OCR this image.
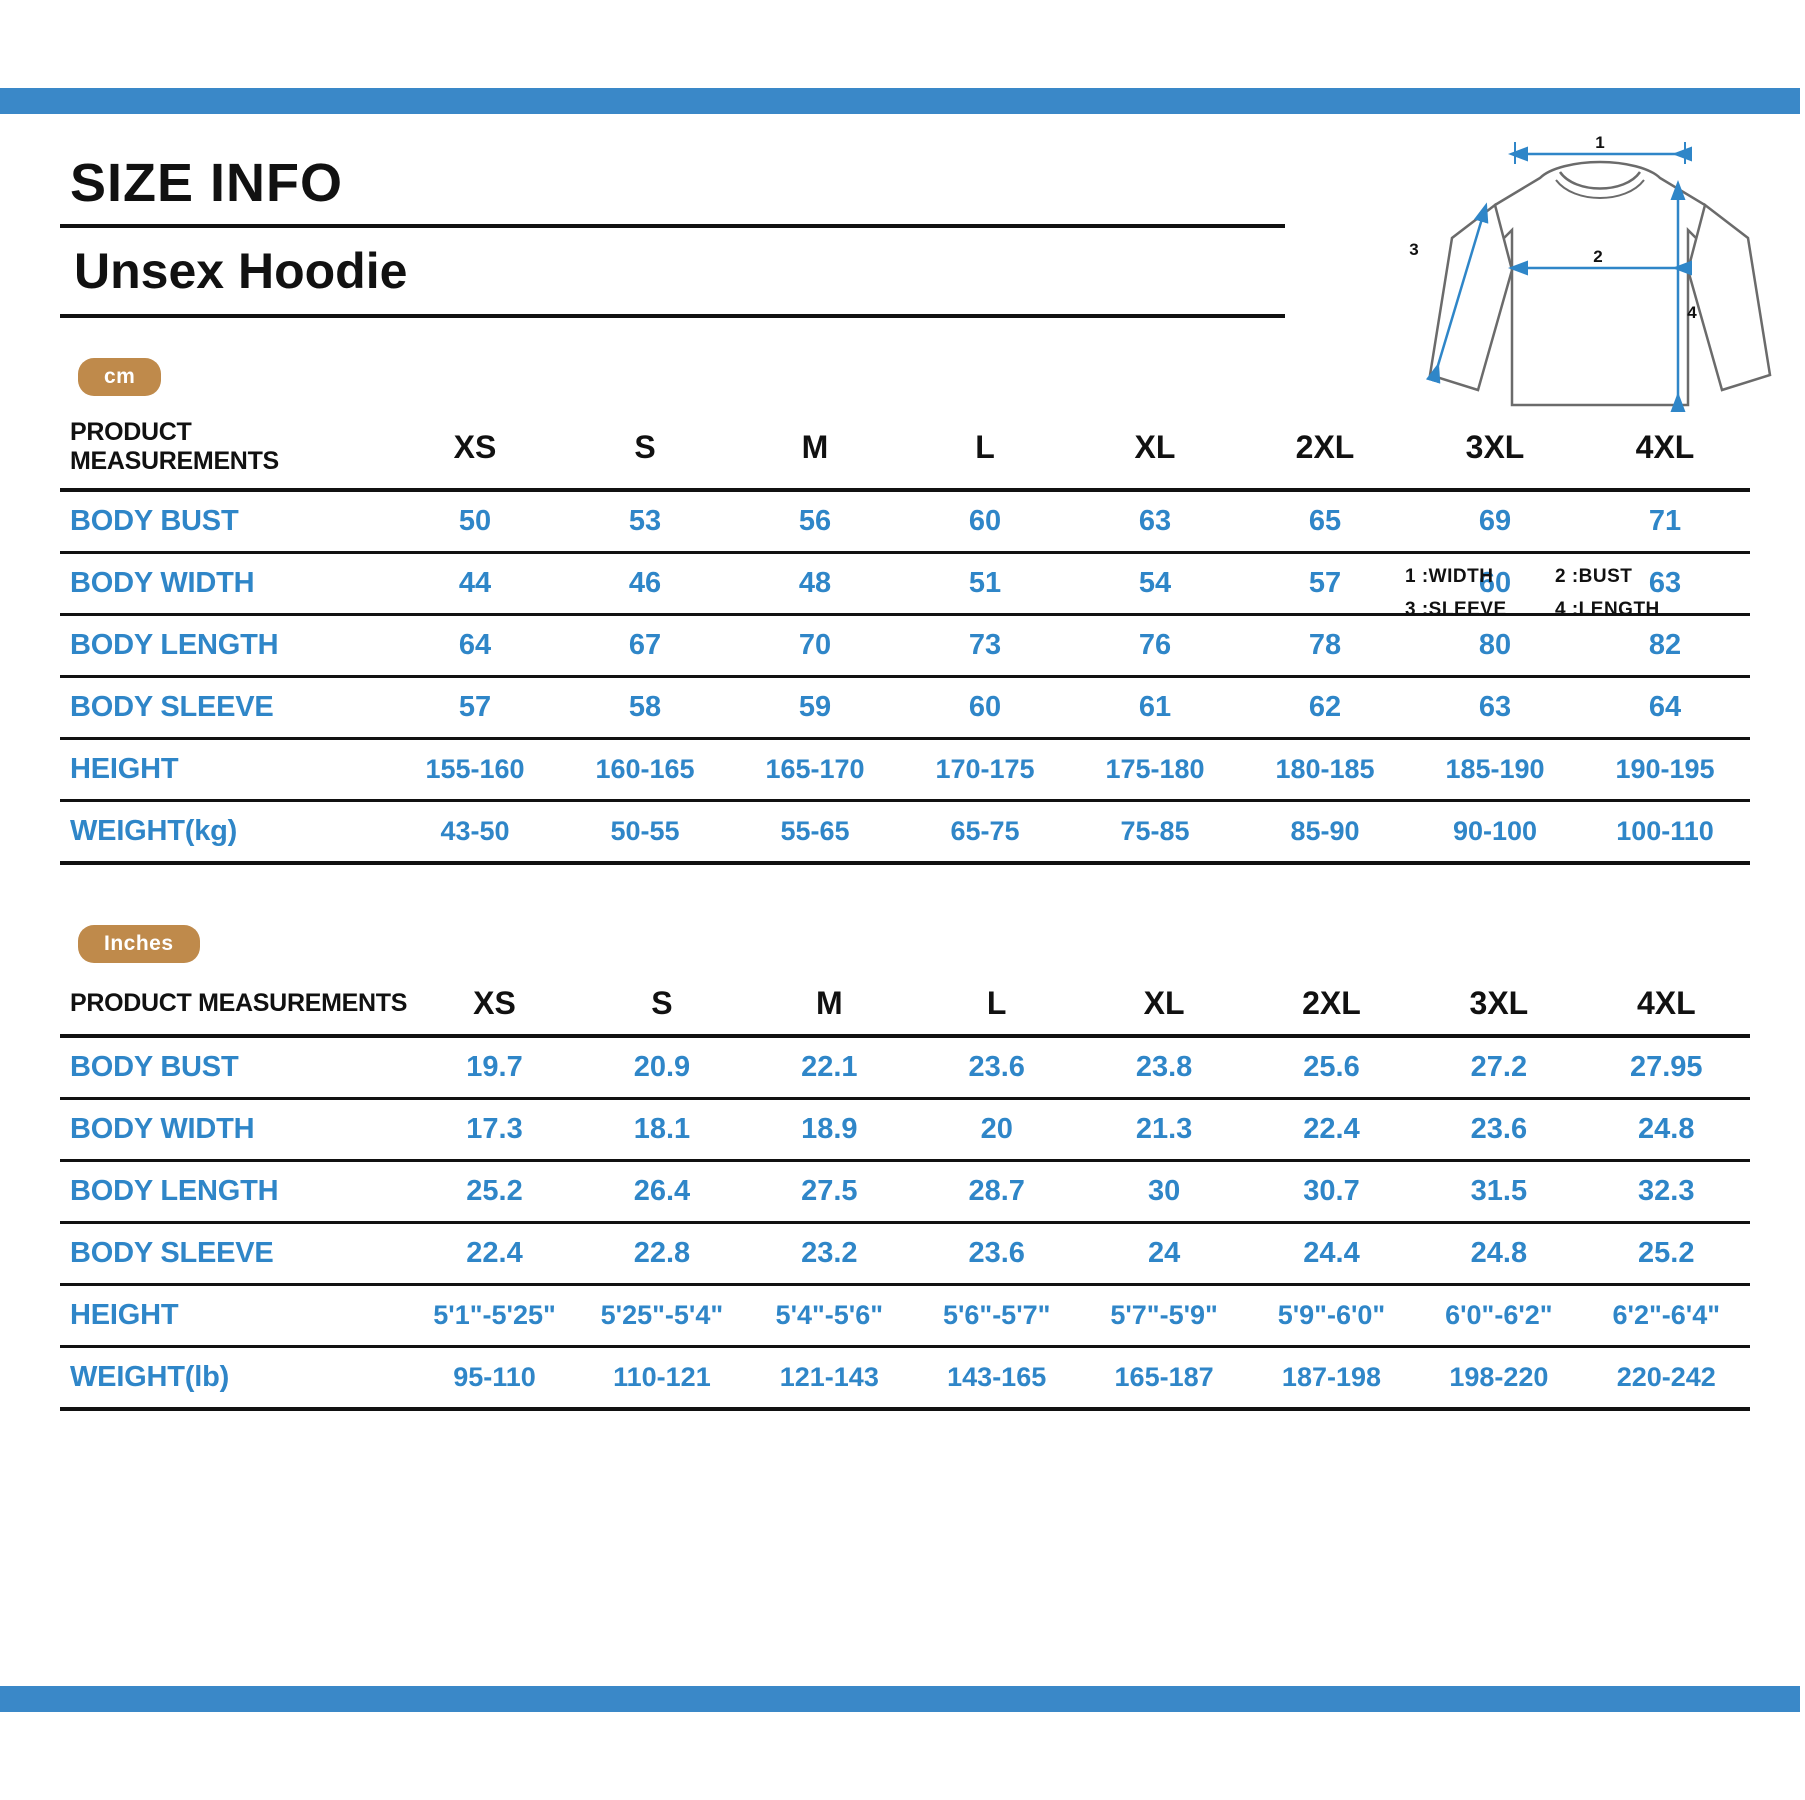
SIZE INFO
Unsex Hoodie
1
2
3
4
1 :WIDTH	2 :BUST
3 :SLEEVE	4 :LENGTH
cm
PRODUCT MEASUREMENTS	XS	S	M	L	XL	2XL	3XL	4XL
BODY BUST	50	53	56	60	63	65	69	71
BODY WIDTH	44	46	48	51	54	57	60	63
BODY LENGTH	64	67	70	73	76	78	80	82
BODY SLEEVE	57	58	59	60	61	62	63	64
HEIGHT	155-160	160-165	165-170	170-175	175-180	180-185	185-190	190-195
WEIGHT(kg)	43-50	50-55	55-65	65-75	75-85	85-90	90-100	100-110
Inches
PRODUCT MEASUREMENTS	XS	S	M	L	XL	2XL	3XL	4XL
BODY BUST	19.7	20.9	22.1	23.6	23.8	25.6	27.2	27.95
BODY WIDTH	17.3	18.1	18.9	20	21.3	22.4	23.6	24.8
BODY LENGTH	25.2	26.4	27.5	28.7	30	30.7	31.5	32.3
BODY SLEEVE	22.4	22.8	23.2	23.6	24	24.4	24.8	25.2
HEIGHT	5'1"-5'25"	5'25"-5'4"	5'4"-5'6"	5'6"-5'7"	5'7"-5'9"	5'9"-6'0"	6'0"-6'2"	6'2"-6'4"
WEIGHT(lb)	95-110	110-121	121-143	143-165	165-187	187-198	198-220	220-242
